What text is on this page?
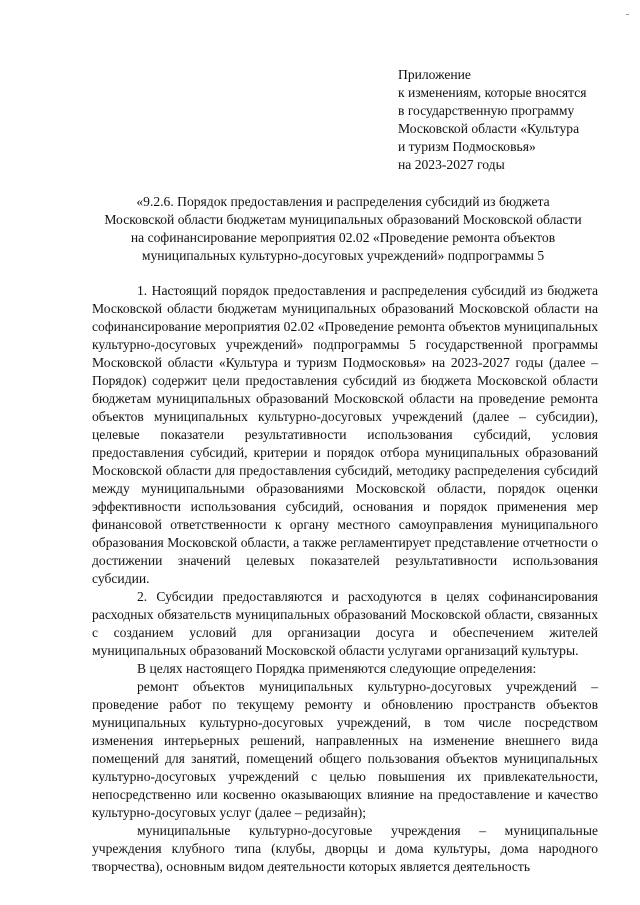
Приложение
к изменениям, которые вносятся
в государственную программу
Московской области «Культура
и туризм Подмосковья»
на 2023-2027 годы
«9.2.6. Порядок предоставления и распределения субсидий из бюджета
Московской области бюджетам муниципальных образований Московской области
на софинансирование мероприятия 02.02 «Проведение ремонта объектов
муниципальных культурно-досуговых учреждений» подпрограммы 5

1. Настоящий порядок предоставления и распределения субсидий из бюджета Московской области бюджетам муниципальных образований Московской области на софинансирование мероприятия 02.02 «Проведение ремонта объектов муниципальных культурно-досуговых учреждений» подпрограммы 5 государственной программы Московской области «Культура и туризм Подмосковья» на 2023-2027 годы (далее – Порядок) содержит цели предоставления субсидий из бюджета Московской области бюджетам муниципальных образований Московской области на проведение ремонта объектов муниципальных культурно-досуговых учреждений (далее – субсидии), целевые показатели результативности использования субсидий, условия предоставления субсидий, критерии и порядок отбора муниципальных образований Московской области для предоставления субсидий, методику распределения субсидий между муниципальными образованиями Московской области, порядок оценки эффективности использования субсидий, основания и порядок применения мер финансовой ответственности к органу местного самоуправления муниципального образования Московской области, а также регламентирует представление отчетности о достижении значений целевых показателей результативности использования субсидии.

2. Субсидии предоставляются и расходуются в целях софинансирования расходных обязательств муниципальных образований Московской области, связанных с созданием условий для организации досуга и обеспечением жителей муниципальных образований Московской области услугами организаций культуры.

В целях настоящего Порядка применяются следующие определения:

ремонт объектов муниципальных культурно-досуговых учреждений – проведение работ по текущему ремонту и обновлению пространств объектов муниципальных культурно-досуговых учреждений, в том числе посредством изменения интерьерных решений, направленных на изменение внешнего вида помещений для занятий, помещений общего пользования объектов муниципальных культурно-досуговых учреждений с целью повышения их привлекательности, непосредственно или косвенно оказывающих влияние на предоставление и качество культурно-досуговых услуг (далее – редизайн);

муниципальные культурно-досуговые учреждения – муниципальные учреждения клубного типа (клубы, дворцы и дома культуры, дома народного творчества), основным видом деятельности которых является деятельность
